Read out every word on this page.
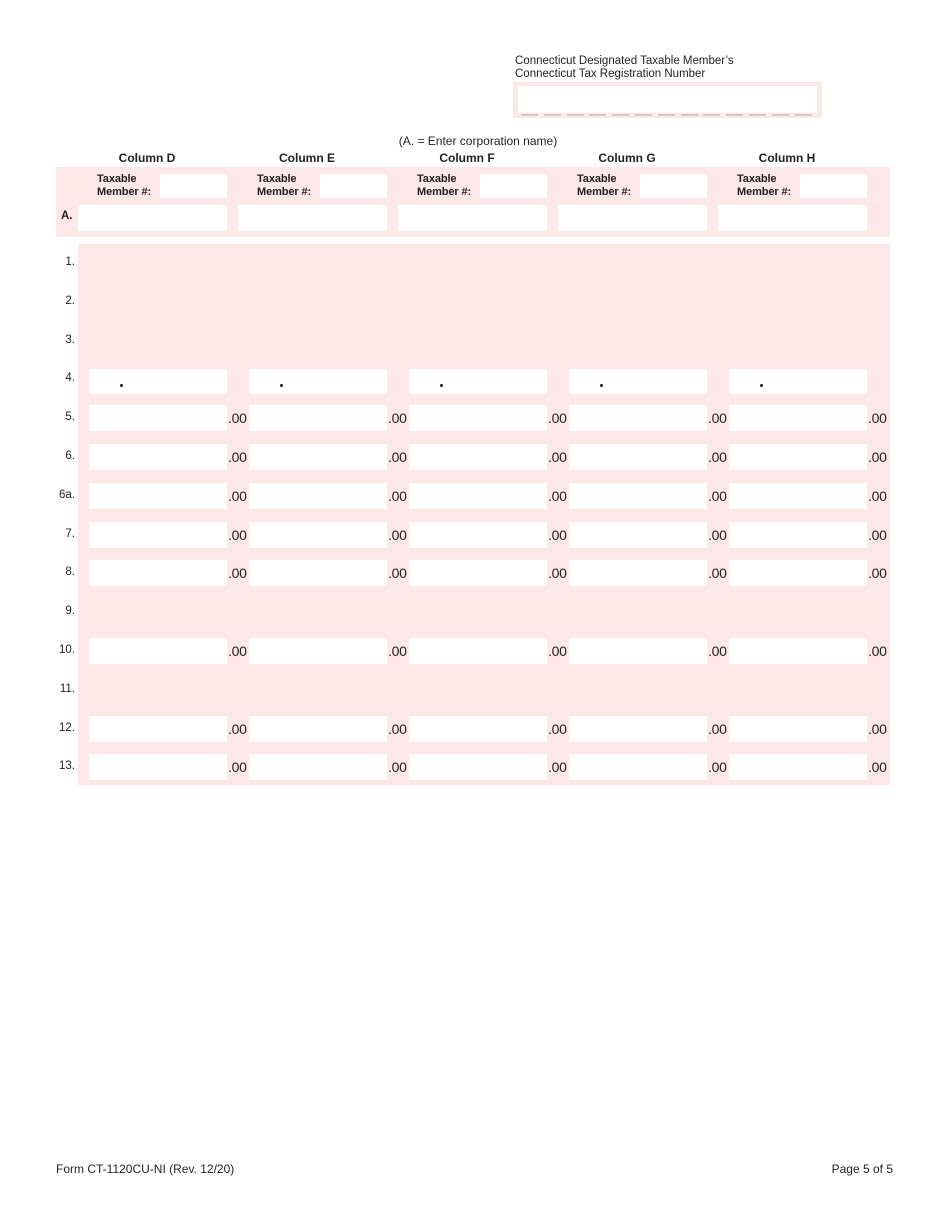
Connecticut Designated Taxable Member’s
Connecticut Tax Registration Number
(A. = Enter corporation name)
Column D	Column E	Column F	Column G	Column H
A.
Taxable
Member #:
Taxable
Member #:
Taxable
Member #:
Taxable
Member #:
Taxable
Member #:
1.
2.
3.
4.
5.	.00	.00	.00	.00	.00
6.	.00	.00	.00	.00	.00
6a.	.00	.00	.00	.00	.00
7.	.00	.00	.00	.00	.00
8.	.00	.00	.00	.00	.00
9.
10.	.00	.00	.00	.00	.00
11.
12.	.00	.00	.00	.00	.00
13.	.00	.00	.00	.00	.00
Form CT-1120CU-NI (Rev. 12/20)	Page 5 of 5
